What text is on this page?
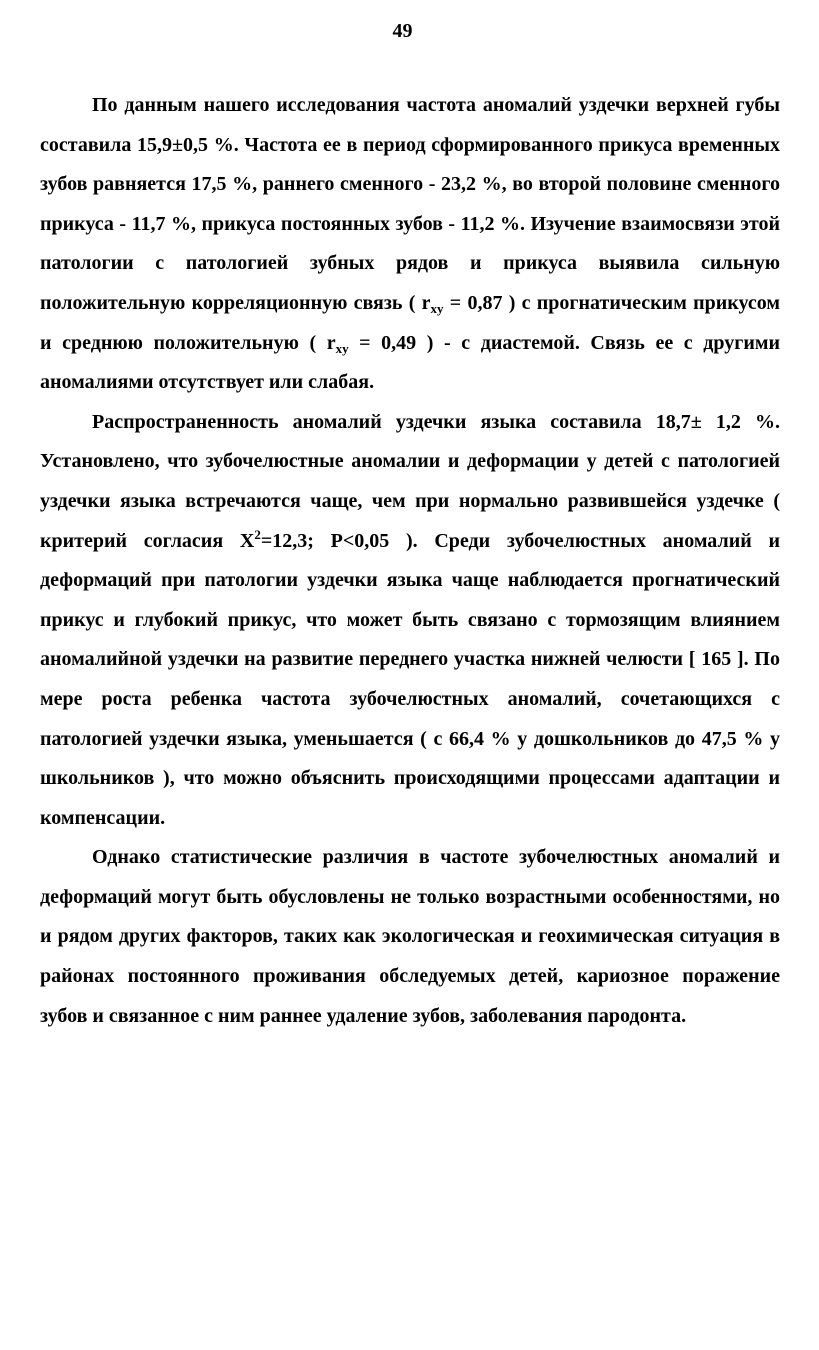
49

По данным нашего исследования частота аномалий уздечки верхней губы составила 15,9±0,5 %. Частота ее в период сформированного прикуса временных зубов равняется 17,5 %, раннего сменного - 23,2 %, во второй половине сменного прикуса - 11,7 %, прикуса постоянных зубов - 11,2 %. Изучение взаимосвязи этой патологии с патологией зубных рядов и прикуса выявила сильную положительную корреляционную связь ( $r_{xy} = 0,87$ ) с прогнатическим прикусом и среднюю положительную ( $r_{xy} = 0,49$ ) - с диастемой. Связь ее с другими аномалиями отсутствует или слабая.

Распространенность аномалий уздечки языка составила 18,7± 1,2 %. Установлено, что зубочелюстные аномалии и деформации у детей с патологией уздечки языка встречаются чаще, чем при нормально развившейся уздечке ( критерий согласия $X^2=12,3$; P<0,05 ). Среди зубочелюстных аномалий и деформаций при патологии уздечки языка чаще наблюдается прогнатический прикус и глубокий прикус, что может быть связано с тормозящим влиянием аномалийной уздечки на развитие переднего участка нижней челюсти [ 165 ]. По мере роста ребенка частота зубочелюстных аномалий, сочетающихся с патологией уздечки языка, уменьшается ( с 66,4 % у дошкольников до 47,5 % у школьников ), что можно объяснить происходящими процессами адаптации и компенсации.

Однако статистические различия в частоте зубочелюстных аномалий и деформаций могут быть обусловлены не только возрастными особенностями, но и рядом других факторов, таких как экологическая и геохимическая ситуация в районах постоянного проживания обследуемых детей, кариозное поражение зубов и связанное с ним раннее удаление зубов, заболевания пародонта.
